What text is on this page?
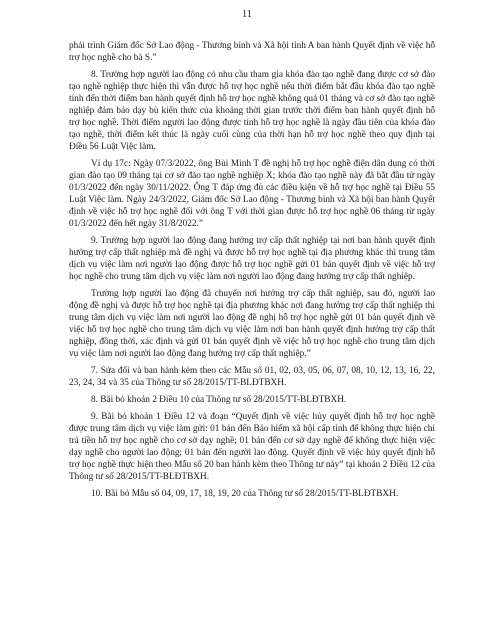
11

phải trình Giám đốc Sở Lao động - Thương binh và Xã hội tỉnh A ban hành Quyết định về việc hỗ trợ học nghề cho bà S.”

8. Trường hợp người lao động có nhu cầu tham gia khóa đào tạo nghề đang được cơ sở đào tạo nghề nghiệp thực hiện thì vẫn được hỗ trợ học nghề nếu thời điểm bắt đầu khóa đào tạo nghề tính đến thời điểm ban hành quyết định hỗ trợ học nghề không quá 01 tháng và cơ sở đào tạo nghề nghiệp đảm bảo dạy bù kiến thức của khoảng thời gian trước thời điểm ban hành quyết định hỗ trợ học nghề. Thời điểm người lao động được tính hỗ trợ học nghề là ngày đầu tiên của khóa đào tạo nghề, thời điểm kết thúc là ngày cuối cùng của thời hạn hỗ trợ học nghề theo quy định tại Điều 56 Luật Việc làm.

Ví dụ 17c: Ngày 07/3/2022, ông Bùi Minh T đề nghị hỗ trợ học nghề điện dân dụng có thời gian đào tạo 09 tháng tại cơ sở đào tạo nghề nghiệp X; khóa đào tạo nghề này đã bắt đầu từ ngày 01/3/2022 đến ngày 30/11/2022. Ông T đáp ứng đủ các điều kiện về hỗ trợ học nghề tại Điều 55 Luật Việc làm. Ngày 24/3/2022, Giám đốc Sở Lao động - Thương binh và Xã hội ban hành Quyết định về việc hỗ trợ học nghề đối với ông T với thời gian được hỗ trợ học nghề 06 tháng từ ngày 01/3/2022 đến hết ngày 31/8/2022.”

9. Trường hợp người lao động đang hưởng trợ cấp thất nghiệp tại nơi ban hành quyết định hưởng trợ cấp thất nghiệp mà đề nghị và được hỗ trợ học nghề tại địa phương khác thì trung tâm dịch vụ việc làm nơi người lao động được hỗ trợ học nghề gửi 01 bản quyết định về việc hỗ trợ học nghề cho trung tâm dịch vụ việc làm nơi người lao động đang hưởng trợ cấp thất nghiệp.

Trường hợp người lao động đã chuyển nơi hưởng trợ cấp thất nghiệp, sau đó, người lao động đề nghị và được hỗ trợ học nghề tại địa phương khác nơi đang hưởng trợ cấp thất nghiệp thì trung tâm dịch vụ việc làm nơi người lao động đề nghị hỗ trợ học nghề gửi 01 bản quyết định về việc hỗ trợ học nghề cho trung tâm dịch vụ việc làm nơi ban hành quyết định hưởng trợ cấp thất nghiệp, đồng thời, xác định và gửi 01 bản quyết định về việc hỗ trợ học nghề cho trung tâm dịch vụ việc làm nơi người lao động đang hưởng trợ cấp thất nghiệp.”

7. Sửa đổi và ban hành kèm theo các Mẫu số 01, 02, 03, 05, 06, 07, 08, 10, 12, 13, 16, 22, 23, 24, 34 và 35 của Thông tư số 28/2015/TT-BLĐTBXH.

8. Bãi bỏ khoản 2 Điều 10 của Thông tư số 28/2015/TT-BLĐTBXH.

9. Bãi bỏ khoản 1 Điều 12 và đoạn “Quyết định về việc hủy quyết định hỗ trợ học nghề được trung tâm dịch vụ việc làm gửi: 01 bản đến Bảo hiểm xã hội cấp tỉnh để không thực hiện chi trả tiền hỗ trợ học nghề cho cơ sở dạy nghề; 01 bản đến cơ sở dạy nghề để không thực hiện việc dạy nghề cho người lao động; 01 bản đến người lao động. Quyết định về việc hủy quyết định hỗ trợ học nghề thực hiện theo Mẫu số 20 ban hành kèm theo Thông tư này” tại khoản 2 Điều 12 của Thông tư số 28/2015/TT-BLĐTBXH.

10. Bãi bỏ Mẫu số 04, 09, 17, 18, 19, 20 của Thông tư số 28/2015/TT-BLĐTBXH.
